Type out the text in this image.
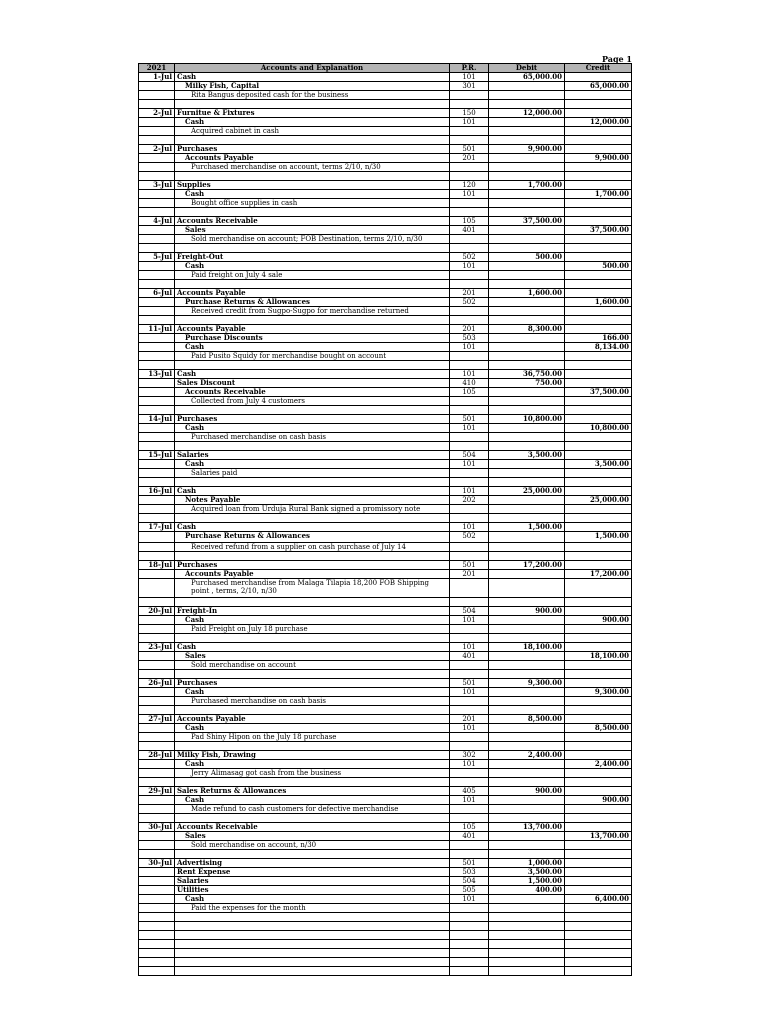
Page 1
2021	Accounts and Explanation	P.R.	Debit	Credit
1-Jul	Cash	101	65,000.00	
	Milky Fish, Capital	301		65,000.00
	Rita Bangus deposited cash for the business			

2-Jul	Furnitue & Fixtures	150	12,000.00	
	Cash	101		12,000.00
	Acquired cabinet in cash			

2-Jul	Purchases	501	9,900.00	
	Accounts Payable	201		9,900.00
	Purchased merchandise on account, terms 2/10, n/30			

3-Jul	Supplies	120	1,700.00	
	Cash	101		1,700.00
	Bought office supplies in cash			

4-Jul	Accounts Receivable	105	37,500.00	
	Sales	401		37,500.00
	Sold merchandise on account; FOB Destination, terms 2/10, n/30			

5-Jul	Freight-Out	502	500.00	
	Cash	101		500.00
	Paid freight on July 4 sale			

6-Jul	Accounts Payable	201	1,600.00	
	Purchase Returns & Allowances	502		1,600.00
	Received credit from Sugpo-Sugpo for merchandise returned			

11-Jul	Accounts Payable	201	8,300.00	
	Purchase Discounts	503		166.00
	Cash	101		8,134.00
	Paid Pusito Squidy for merchandise bought on account			

13-Jul	Cash	101	36,750.00	
	Sales Discount	410	750.00	
	Accounts Receivable	105		37,500.00
	Collected from July 4 customers			

14-Jul	Purchases	501	10,800.00	
	Cash	101		10,800.00
	Purchased merchandise on cash basis			

15-Jul	Salaries	504	3,500.00	
	Cash	101		3,500.00
	Salaries paid			

16-Jul	Cash	101	25,000.00	
	Notes Payable	202		25,000.00
	Acquired loan from Urduja Rural Bank signed a promissory note			

17-Jul	Cash	101	1,500.00	
	Purchase Returns & Allowances	502		1,500.00
	Received refund from a supplier on cash purchase of July 14			

18-Jul	Purchases	501	17,200.00	
	Accounts Payable	201		17,200.00
	Purchased merchandise from Malaga Tilapia 18,200 FOB Shipping point , terms, 2/10, n/30			

20-Jul	Freight-In	504	900.00	
	Cash	101		900.00
	Paid Freight on July 18 purchase			

23-Jul	Cash	101	18,100.00	
	Sales	401		18,100.00
	Sold merchandise on account			

26-Jul	Purchases	501	9,300.00	
	Cash	101		9,300.00
	Purchased merchandise on cash basis			

27-Jul	Accounts Payable	201	8,500.00	
	Cash	101		8,500.00
	Pad Shiny Hipon on the July 18 purchase			

28-Jul	Milky Fish, Drawing	302	2,400.00	
	Cash	101		2,400.00
	Jerry Alimasag got cash from the business			

29-Jul	Sales Returns & Allowances	405	900.00	
	Cash	101		900.00
	Made refund to cash customers for defective merchandise			

30-Jul	Accounts Receivable	105	13,700.00	
	Sales	401		13,700.00
	Sold merchandise on account, n/30			

30-Jul	Advertising	501	1,000.00	
	Rent Expense	503	3,500.00	
	Salaries	504	1,500.00	
	Utilities	505	400.00	
	Cash	101		6,400.00
	Paid the expenses for the month			
